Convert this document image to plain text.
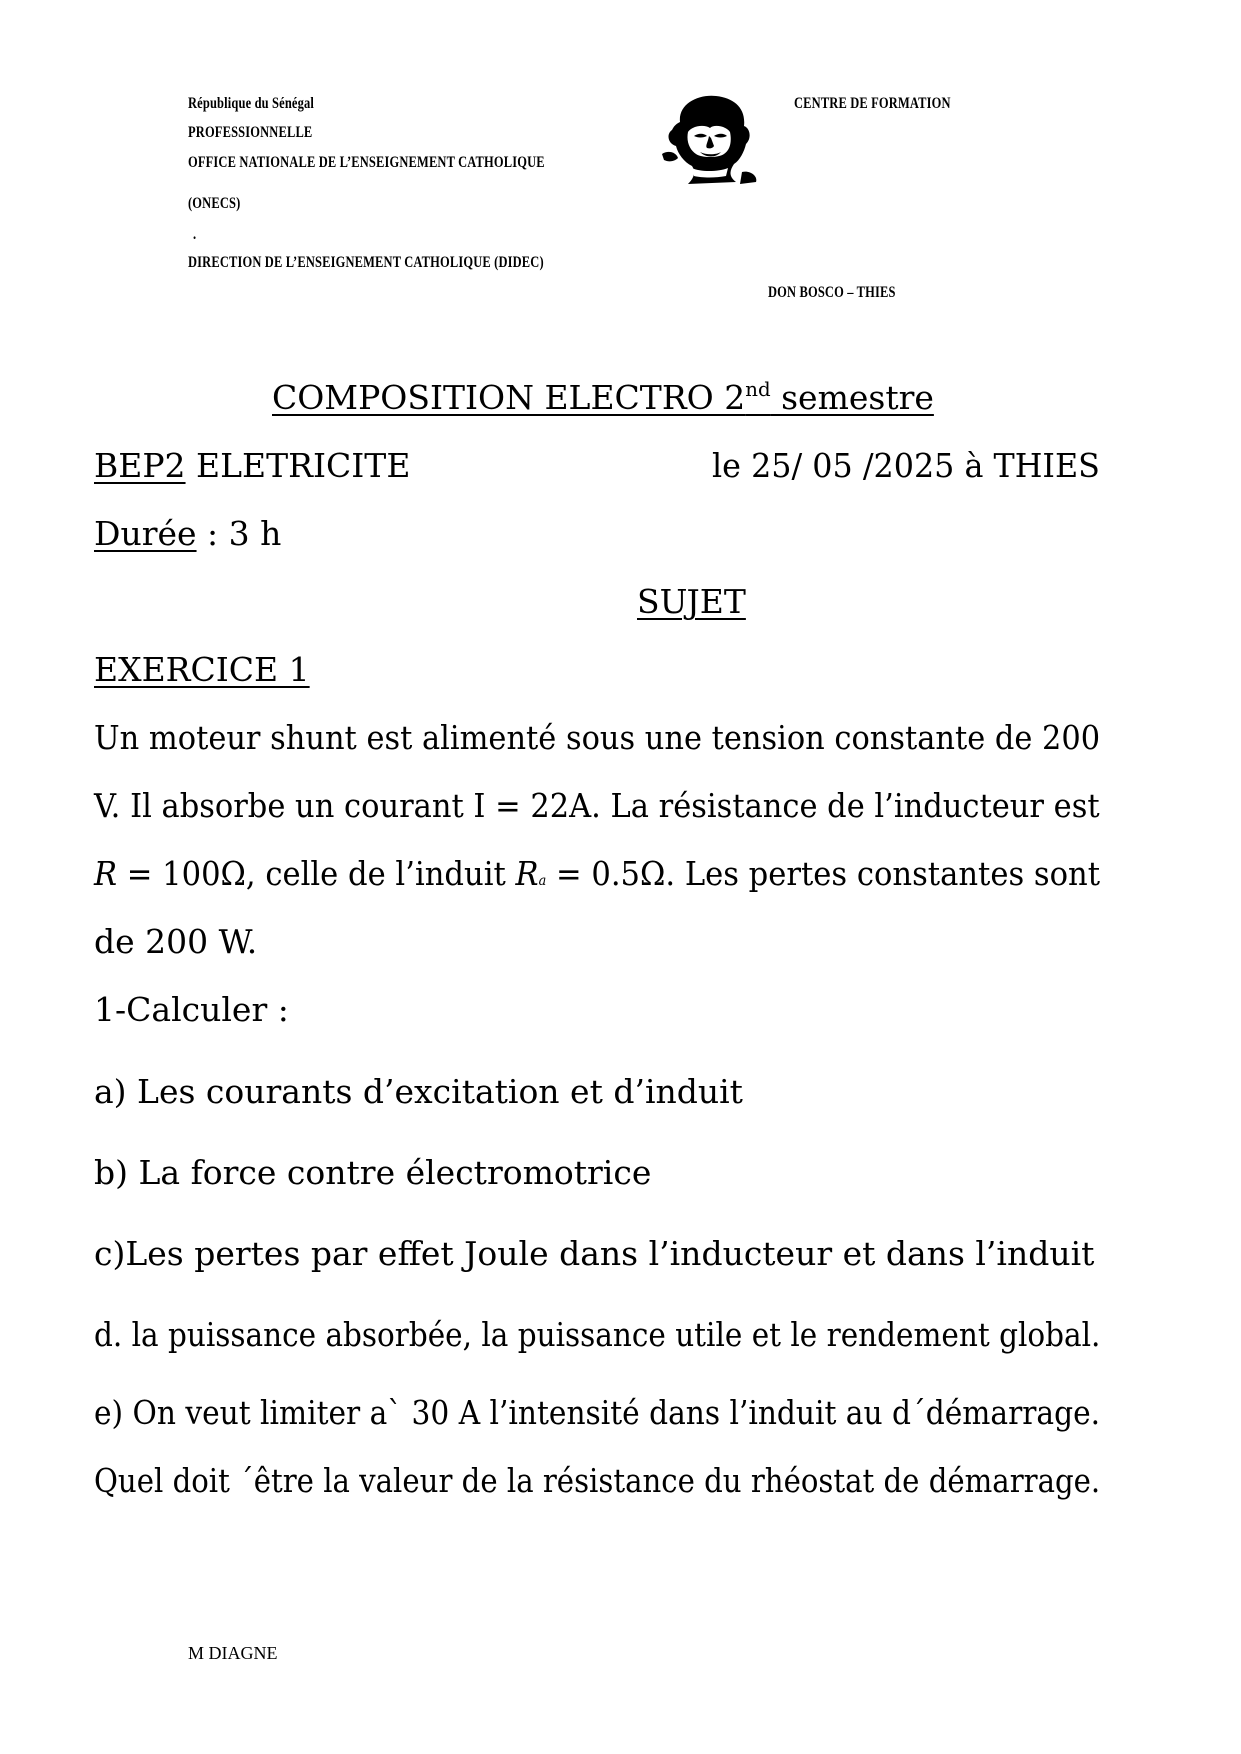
République du Sénégal
PROFESSIONNELLE
OFFICE NATIONALE DE L’ENSEIGNEMENT CATHOLIQUE
(ONECS)
.
DIRECTION DE L’ENSEIGNEMENT CATHOLIQUE (DIDEC)
CENTRE DE FORMATION
DON BOSCO – THIES
COMPOSITION ELECTRO 2nd semestre
BEP2 ELETRICITE	le 25/ 05 /2025 à THIES
Durée : 3 h
SUJET
EXERCICE 1
Un moteur shunt est alimenté sous une tension constante de 200
V. Il absorbe un courant I = 22A. La résistance de l’inducteur est
R = 100Ω, celle de l’induit Ra = 0.5Ω. Les pertes constantes sont
de 200 W.
1-Calculer :
a) Les courants d’excitation et d’induit
b) La force contre électromotrice
c)Les pertes par effet Joule dans l’inducteur et dans l’induit
d. la puissance absorbée, la puissance utile et le rendement global.
e) On veut limiter a` 30 A l’intensité dans l’induit au d´démarrage.
Quel doit ´être la valeur de la résistance du rhéostat de démarrage.
M DIAGNE
